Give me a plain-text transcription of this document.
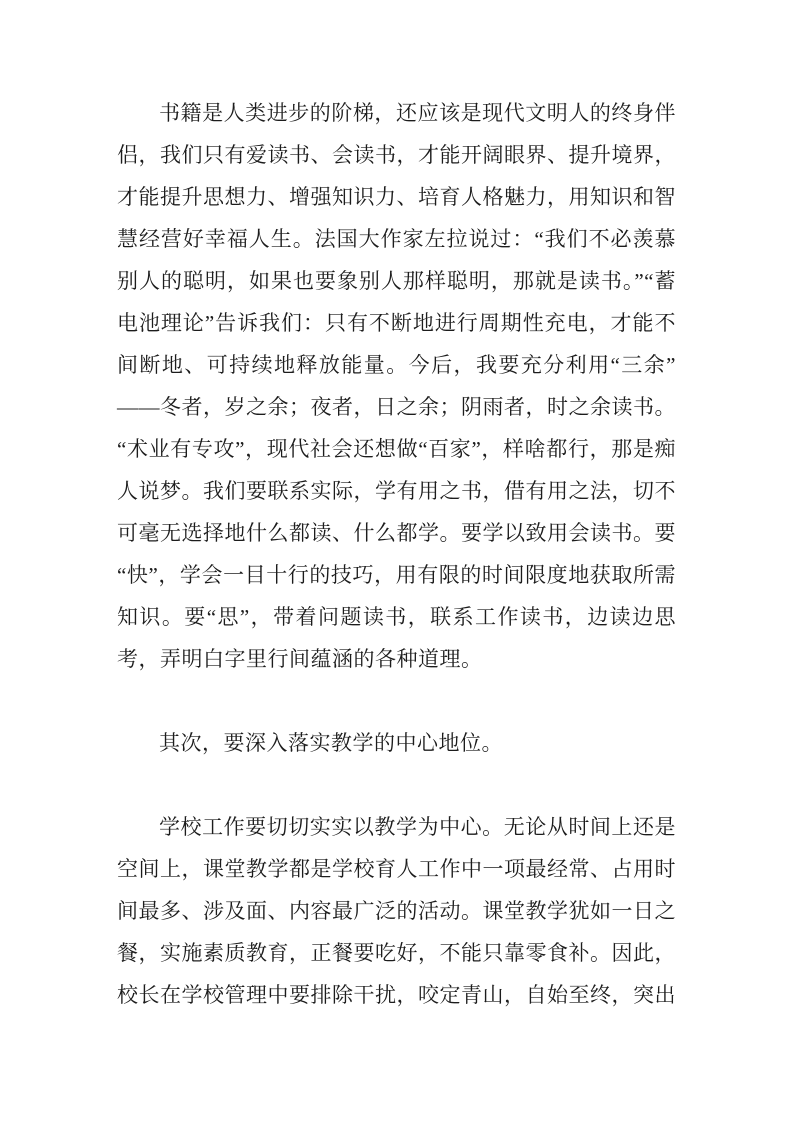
书籍是人类进步的阶梯，还应该是现代文明人的终身伴侣，我们只有爱读书、会读书，才能开阔眼界、提升境界，才能提升思想力、增强知识力、培育人格魅力，用知识和智慧经营好幸福人生。法国大作家左拉说过：“我们不必羡慕别人的聪明，如果也要象别人那样聪明，那就是读书。”“蓄电池理论”告诉我们：只有不断地进行周期性充电，才能不间断地、可持续地释放能量。今后，我要充分利用“三余”——冬者，岁之余；夜者，日之余；阴雨者，时之余读书。“术业有专攻”，现代社会还想做“百家”，样啥都行，那是痴人说梦。我们要联系实际，学有用之书，借有用之法，切不可毫无选择地什么都读、什么都学。要学以致用会读书。要“快”，学会一目十行的技巧，用有限的时间限度地获取所需知识。要“思”，带着问题读书，联系工作读书，边读边思考，弄明白字里行间蕴涵的各种道理。

其次，要深入落实教学的中心地位。

学校工作要切切实实以教学为中心。无论从时间上还是空间上，课堂教学都是学校育人工作中一项最经常、占用时间最多、涉及面、内容最广泛的活动。课堂教学犹如一日之餐，实施素质教育，正餐要吃好，不能只靠零食补。因此，校长在学校管理中要排除干扰，咬定青山，自始至终，突出
